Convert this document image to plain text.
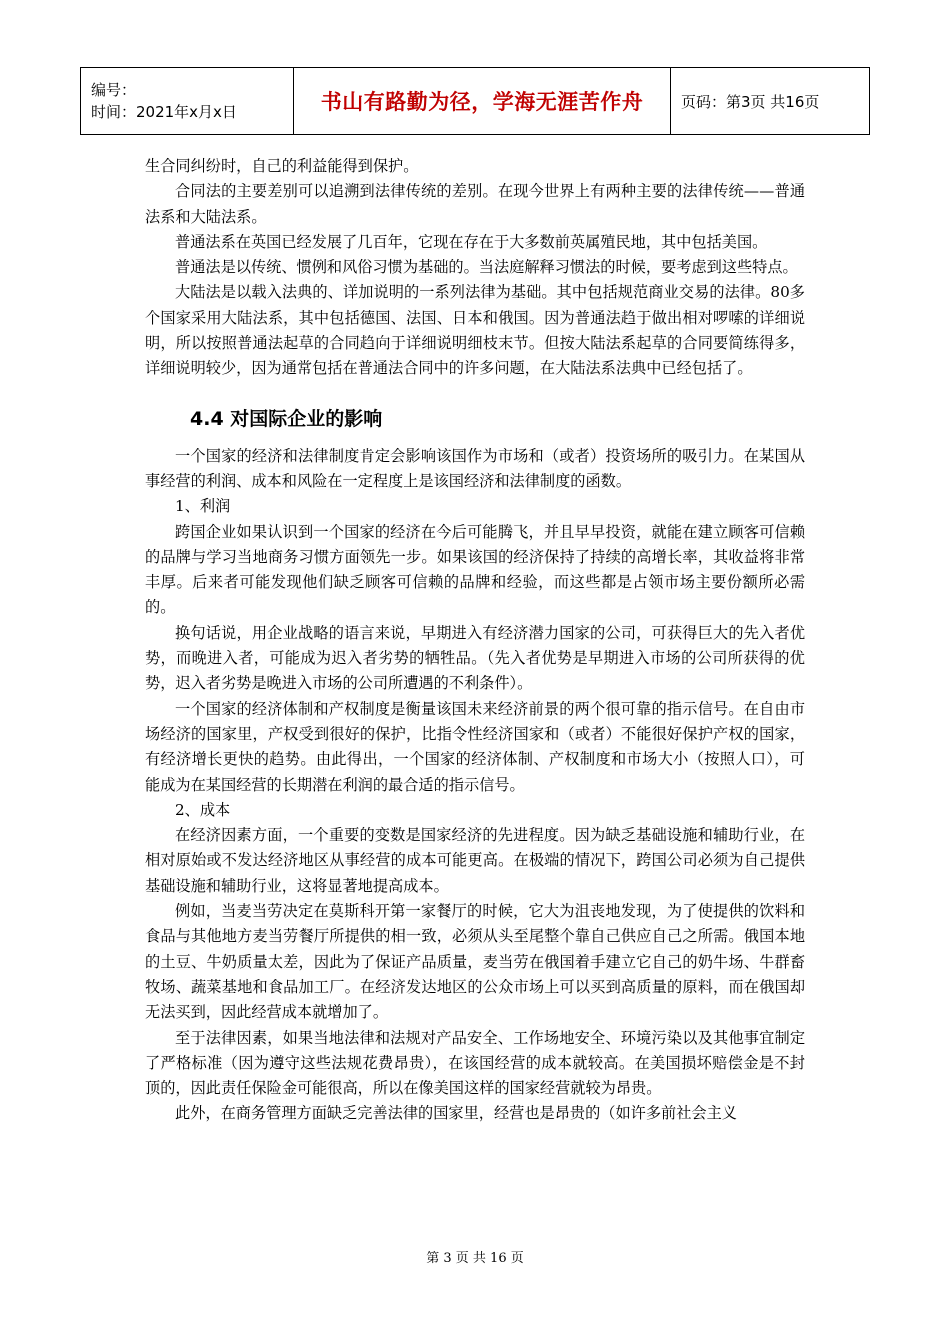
编号：
时间：2021年x月x日	书山有路勤为径，学海无涯苦作舟	页码：第3页 共16页

生合同纠纷时，自己的利益能得到保护。

合同法的主要差别可以追溯到法律传统的差别。在现今世界上有两种主要的法律传统——普通法系和大陆法系。

普通法系在英国已经发展了几百年，它现在存在于大多数前英属殖民地，其中包括美国。

普通法是以传统、惯例和风俗习惯为基础的。当法庭解释习惯法的时候，要考虑到这些特点。

大陆法是以载入法典的、详加说明的一系列法律为基础。其中包括规范商业交易的法律。80多个国家采用大陆法系，其中包括德国、法国、日本和俄国。因为普通法趋于做出相对啰嗦的详细说明，所以按照普通法起草的合同趋向于详细说明细枝末节。但按大陆法系起草的合同要简练得多，详细说明较少，因为通常包括在普通法合同中的许多问题，在大陆法系法典中已经包括了。

4.4 对国际企业的影响

一个国家的经济和法律制度肯定会影响该国作为市场和（或者）投资场所的吸引力。在某国从事经营的利润、成本和风险在一定程度上是该国经济和法律制度的函数。

1、利润

跨国企业如果认识到一个国家的经济在今后可能腾飞，并且早早投资，就能在建立顾客可信赖的品牌与学习当地商务习惯方面领先一步。如果该国的经济保持了持续的高增长率，其收益将非常丰厚。后来者可能发现他们缺乏顾客可信赖的品牌和经验，而这些都是占领市场主要份额所必需的。

换句话说，用企业战略的语言来说，早期进入有经济潜力国家的公司，可获得巨大的先入者优势，而晚进入者，可能成为迟入者劣势的牺牲品。（先入者优势是早期进入市场的公司所获得的优势，迟入者劣势是晚进入市场的公司所遭遇的不利条件）。

一个国家的经济体制和产权制度是衡量该国未来经济前景的两个很可靠的指示信号。在自由市场经济的国家里，产权受到很好的保护，比指令性经济国家和（或者）不能很好保护产权的国家，有经济增长更快的趋势。由此得出，一个国家的经济体制、产权制度和市场大小（按照人口），可能成为在某国经营的长期潜在利润的最合适的指示信号。

2、成本

在经济因素方面，一个重要的变数是国家经济的先进程度。因为缺乏基础设施和辅助行业，在相对原始或不发达经济地区从事经营的成本可能更高。在极端的情况下，跨国公司必须为自己提供基础设施和辅助行业，这将显著地提高成本。

例如，当麦当劳决定在莫斯科开第一家餐厅的时候，它大为沮丧地发现，为了使提供的饮料和食品与其他地方麦当劳餐厅所提供的相一致，必须从头至尾整个靠自己供应自己之所需。俄国本地的土豆、牛奶质量太差，因此为了保证产品质量，麦当劳在俄国着手建立它自己的奶牛场、牛群畜牧场、蔬菜基地和食品加工厂。在经济发达地区的公众市场上可以买到高质量的原料，而在俄国却无法买到，因此经营成本就增加了。

至于法律因素，如果当地法律和法规对产品安全、工作场地安全、环境污染以及其他事宜制定了严格标准（因为遵守这些法规花费昂贵），在该国经营的成本就较高。在美国损坏赔偿金是不封顶的，因此责任保险金可能很高，所以在像美国这样的国家经营就较为昂贵。

此外，在商务管理方面缺乏完善法律的国家里，经营也是昂贵的（如许多前社会主义

第 3 页 共 16 页
